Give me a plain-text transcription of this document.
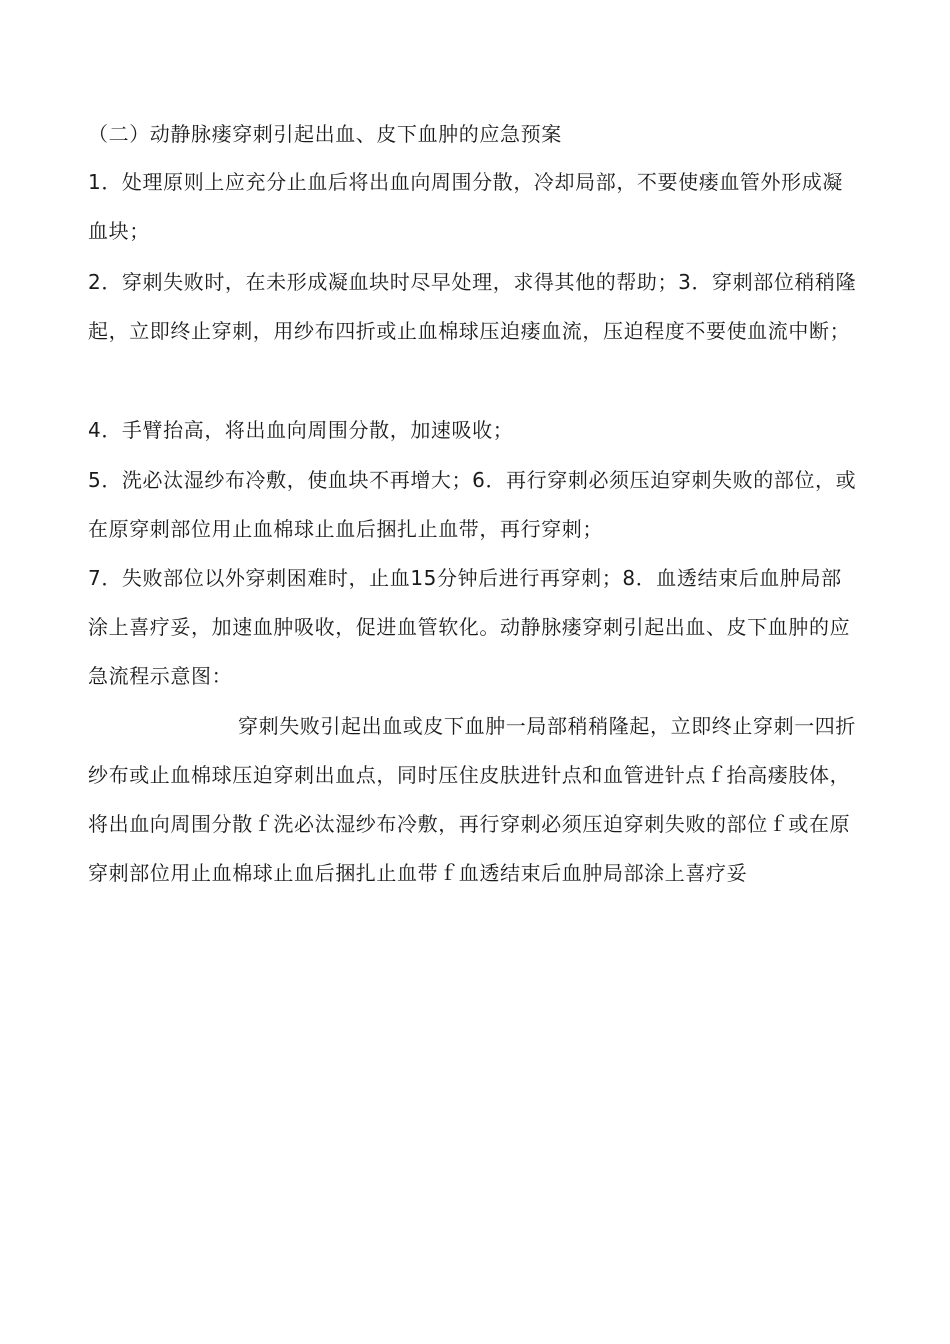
（二）动静脉瘘穿刺引起出血、皮下血肿的应急预案

1．处理原则上应充分止血后将出血向周围分散，冷却局部，不要使瘘血管外形成凝血块；

2．穿刺失败时，在未形成凝血块时尽早处理，求得其他的帮助；3．穿刺部位稍稍隆起，立即终止穿刺，用纱布四折或止血棉球压迫瘘血流，压迫程度不要使血流中断；

4．手臂抬高，将出血向周围分散，加速吸收；

5．洗必汰湿纱布冷敷，使血块不再增大；6．再行穿刺必须压迫穿刺失败的部位，或在原穿刺部位用止血棉球止血后捆扎止血带，再行穿刺；

7．失败部位以外穿刺困难时，止血15分钟后进行再穿刺；8．血透结束后血肿局部涂上喜疗妥，加速血肿吸收，促进血管软化。动静脉瘘穿刺引起出血、皮下血肿的应急流程示意图：

穿刺失败引起出血或皮下血肿一局部稍稍隆起，立即终止穿刺一四折纱布或止血棉球压迫穿刺出血点，同时压住皮肤进针点和血管进针点ｆ抬高瘘肢体，将出血向周围分散ｆ洗必汰湿纱布冷敷，再行穿刺必须压迫穿刺失败的部位ｆ或在原穿刺部位用止血棉球止血后捆扎止血带ｆ血透结束后血肿局部涂上喜疗妥
